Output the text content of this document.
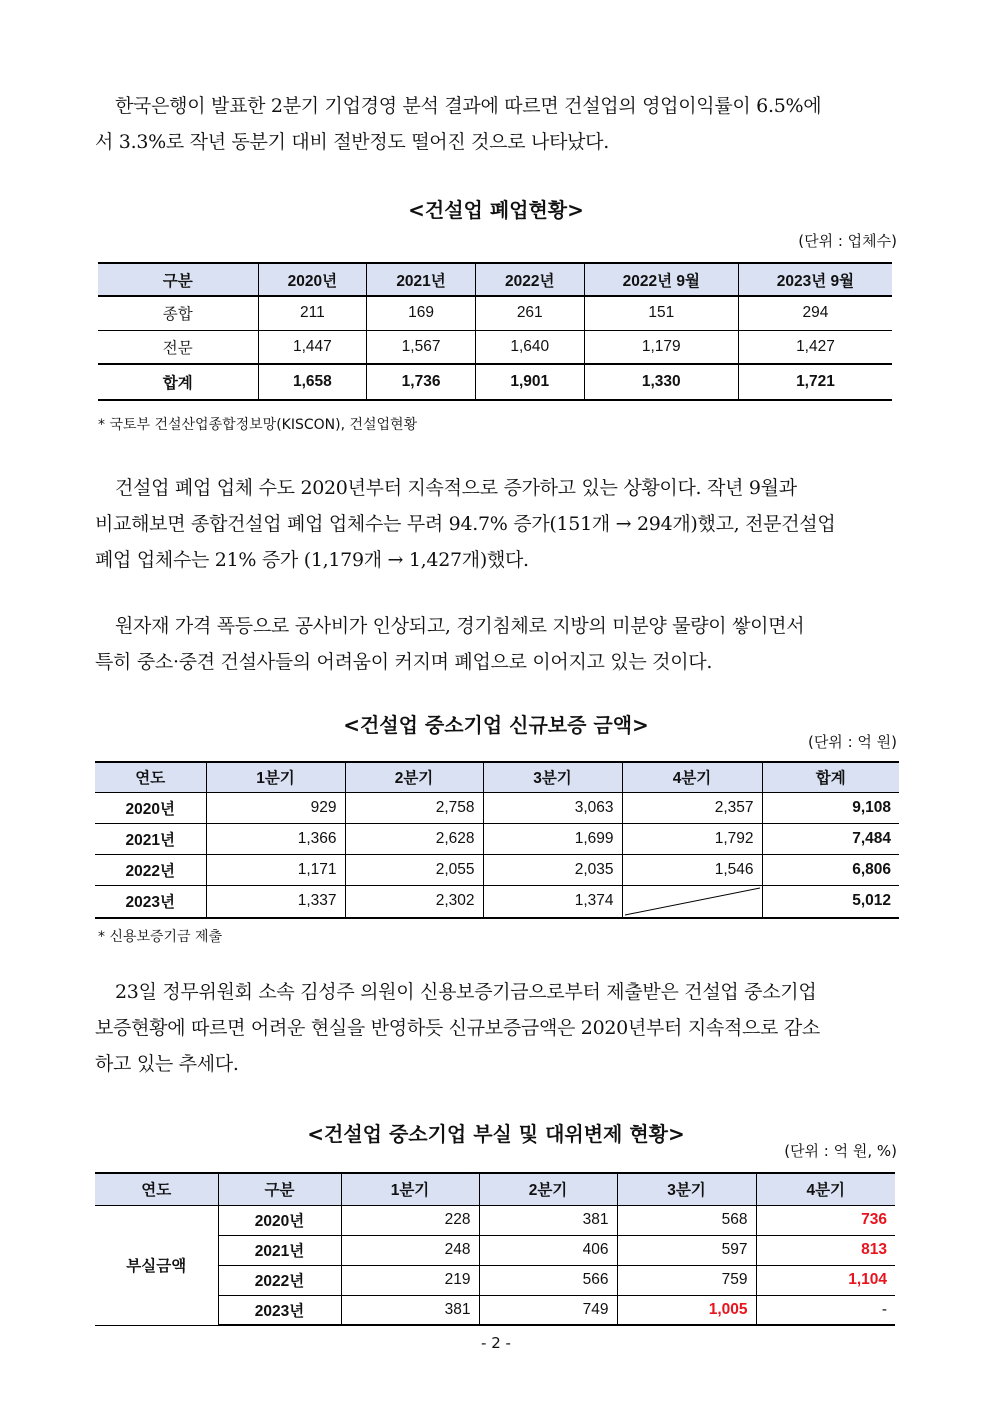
한국은행이 발표한 2분기 기업경영 분석 결과에 따르면 건설업의 영업이익률이 6.5%에
서 3.3%로 작년 동분기 대비 절반정도 떨어진 것으로 나타났다.
<건설업 폐업현황>
(단위 : 업체수)
구분	2020년	2021년	2022년	2022년 9월	2023년 9월
종합	211	169	261	151	294
전문	1,447	1,567	1,640	1,179	1,427
합계	1,658	1,736	1,901	1,330	1,721
* 국토부 건설산업종합정보망(KISCON), 건설업현황
건설업 폐업 업체 수도 2020년부터 지속적으로 증가하고 있는 상황이다. 작년 9월과
비교해보면 종합건설업 폐업 업체수는 무려 94.7% 증가(151개 → 294개)했고, 전문건설업
폐업 업체수는 21% 증가 (1,179개 → 1,427개)했다.
원자재 가격 폭등으로 공사비가 인상되고, 경기침체로 지방의 미분양 물량이 쌓이면서
특히 중소·중견 건설사들의 어려움이 커지며 폐업으로 이어지고 있는 것이다.
<건설업 중소기업 신규보증 금액>
(단위 : 억 원)
연도	1분기	2분기	3분기	4분기	합계
2020년	929	2,758	3,063	2,357	9,108
2021년	1,366	2,628	1,699	1,792	7,484
2022년	1,171	2,055	2,035	1,546	6,806
2023년	1,337	2,302	1,374		5,012
* 신용보증기금 제출
23일 정무위원회 소속 김성주 의원이 신용보증기금으로부터 제출받은 건설업 중소기업
보증현황에 따르면 어려운 현실을 반영하듯 신규보증금액은 2020년부터 지속적으로 감소
하고 있는 추세다.
<건설업 중소기업 부실 및 대위변제 현황>
(단위 : 억 원, %)
연도	구분	1분기	2분기	3분기	4분기
부실금액	2020년	228	381	568	736
	2021년	248	406	597	813
	2022년	219	566	759	1,104
	2023년	381	749	1,005	-
- 2 -
